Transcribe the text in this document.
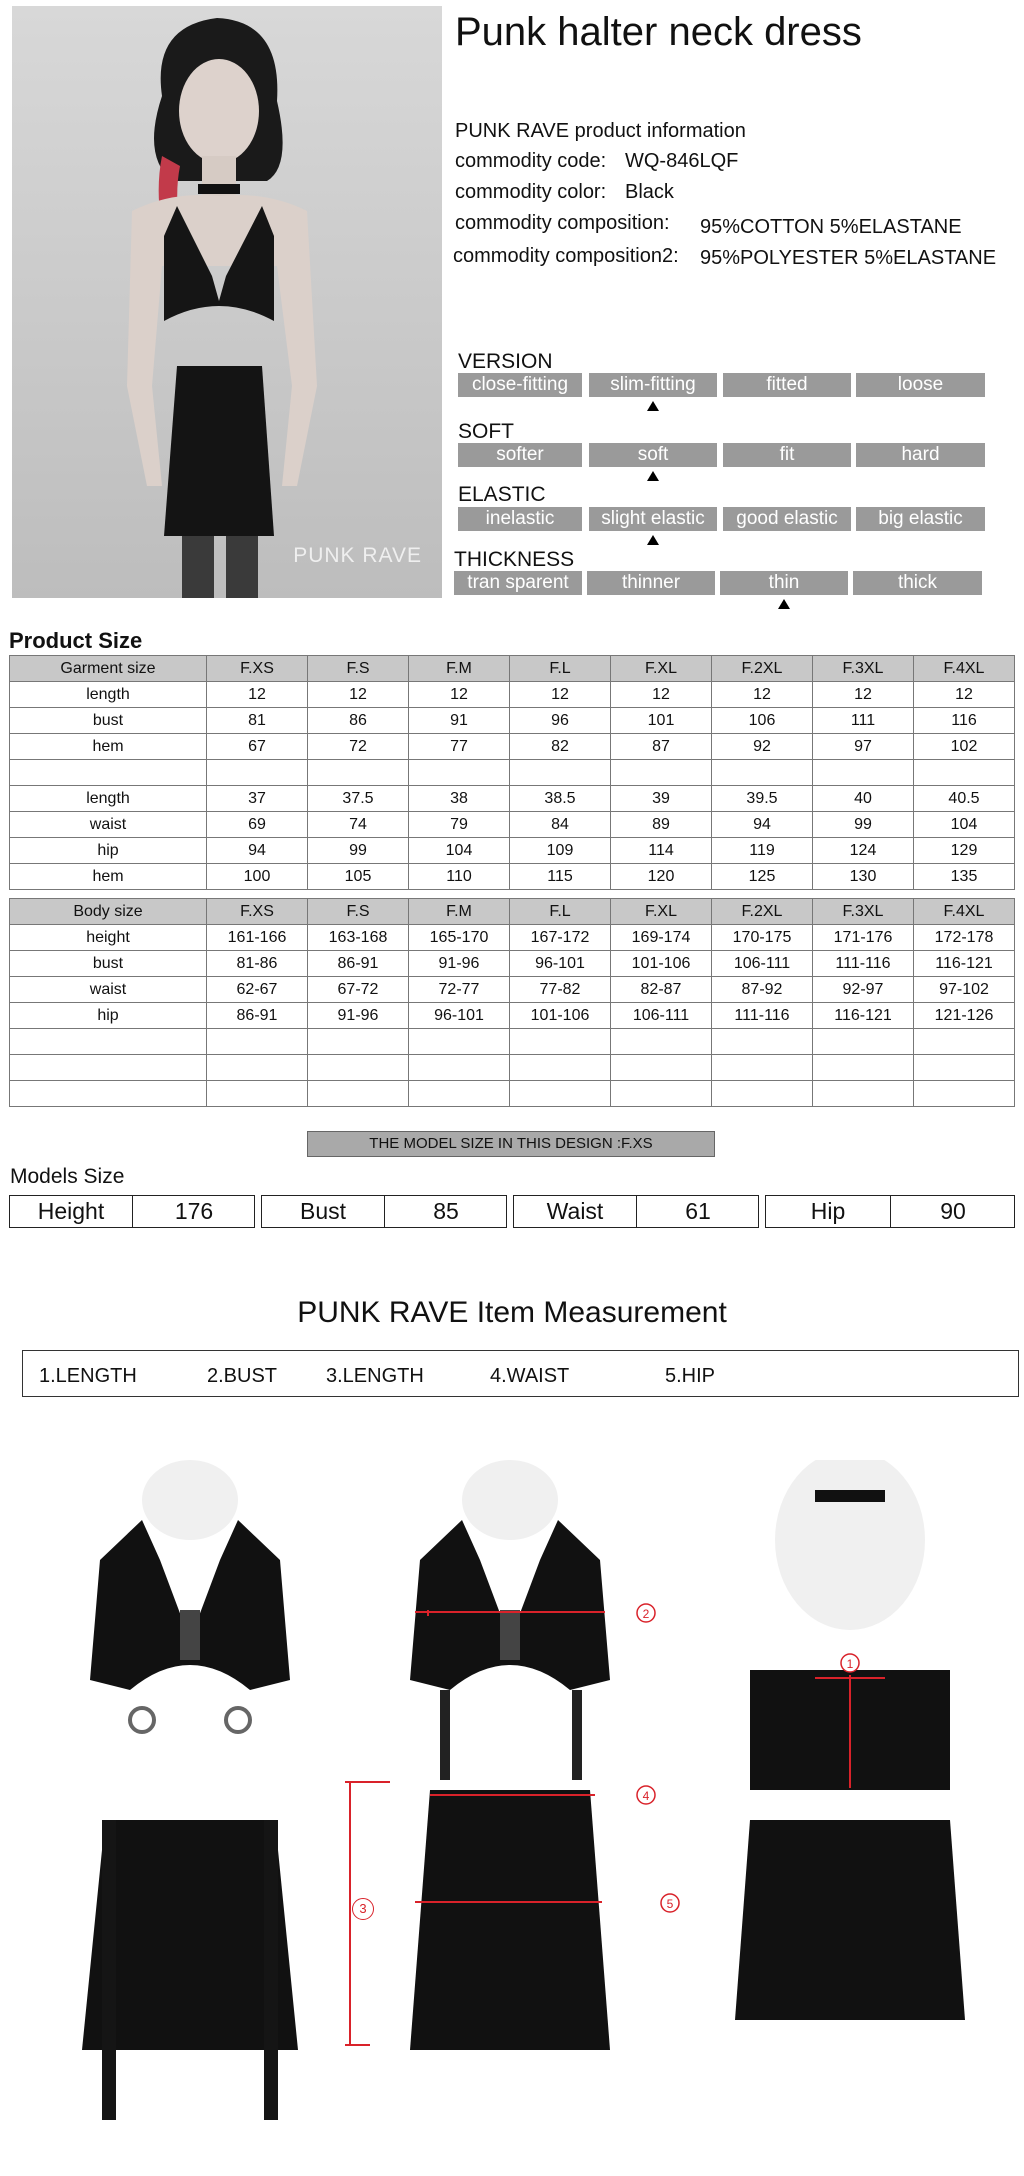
PUNK RAVE
Punk halter neck dress
PUNK RAVE product information
commodity code: WQ-846LQF
commodity color: Black
commodity composition: 95%COTTON 5%ELASTANE
commodity composition2: 95%POLYESTER 5%ELASTANE
VERSION
close-fitting	slim-fitting	fitted	loose
SOFT
softer	soft	fit	hard
ELASTIC
inelastic	slight elastic	good elastic	big elastic
THICKNESS
tran sparent	thinner	thin	thick
Product Size
Garment size	F.XS	F.S	F.M	F.L	F.XL	F.2XL	F.3XL	F.4XL
length	12	12	12	12	12	12	12	12
bust	81	86	91	96	101	106	111	116
hem	67	72	77	82	87	92	97	102

length	37	37.5	38	38.5	39	39.5	40	40.5
waist	69	74	79	84	89	94	99	104
hip	94	99	104	109	114	119	124	129
hem	100	105	110	115	120	125	130	135
Body size	F.XS	F.S	F.M	F.L	F.XL	F.2XL	F.3XL	F.4XL
height	161-166	163-168	165-170	167-172	169-174	170-175	171-176	172-178
bust	81-86	86-91	91-96	96-101	101-106	106-111	111-116	116-121
waist	62-67	67-72	72-77	77-82	82-87	87-92	92-97	97-102
hip	86-91	91-96	96-101	101-106	106-111	111-116	116-121	121-126

THE MODEL SIZE IN THIS DESIGN :F.XS
Models Size
Height	176	Bust	85	Waist	61	Hip	90
PUNK RAVE Item Measurement
1.LENGTH	2.BUST 3.LENGTH	4.WAIST	5.HIP
2
4
5
3
1
